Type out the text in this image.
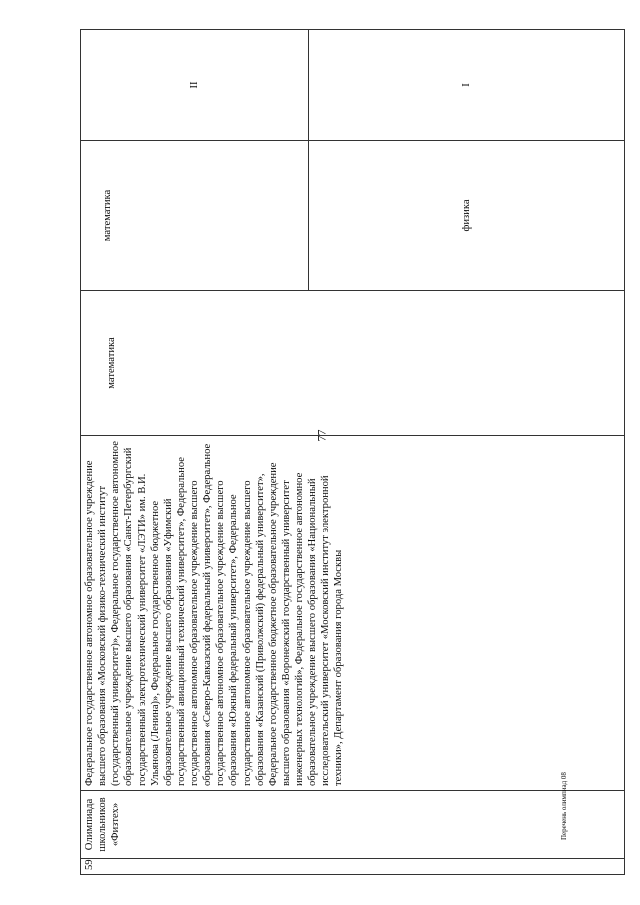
77
59	Олимпиада школьников «Физтех»	Федеральное государственное автономное образовательное учреждение высшего образования «Московский физико-технический институт (государственный университет)», Федеральное государственное автономное образовательное учреждение высшего образования «Санкт-Петербургский государственный электротехнический университет «ЛЭТИ» им. В.И. Ульянова (Ленина)», Федеральное государственное бюджетное образовательное учреждение высшего образования «Уфимский государственный авиационный технический университет», Федеральное государственное автономное образовательное учреждение высшего образования «Северо-Кавказский федеральный университет», Федеральное государственное автономное образовательное учреждение высшего образования «Южный федеральный университет», Федеральное государственное автономное образовательное учреждение высшего образования «Казанский (Приволжский) федеральный университет», Федеральное государственное бюджетное образовательное учреждение высшего образования «Воронежский государственный университет инженерных технологий», Федеральное государственное автономное образовательное учреждение высшего образования «Национальный исследовательский университет «Московский институт электронной техники», Департамент образования города Москвы	математика	математика	II
				физика	I
Перечень олимпиад 08
